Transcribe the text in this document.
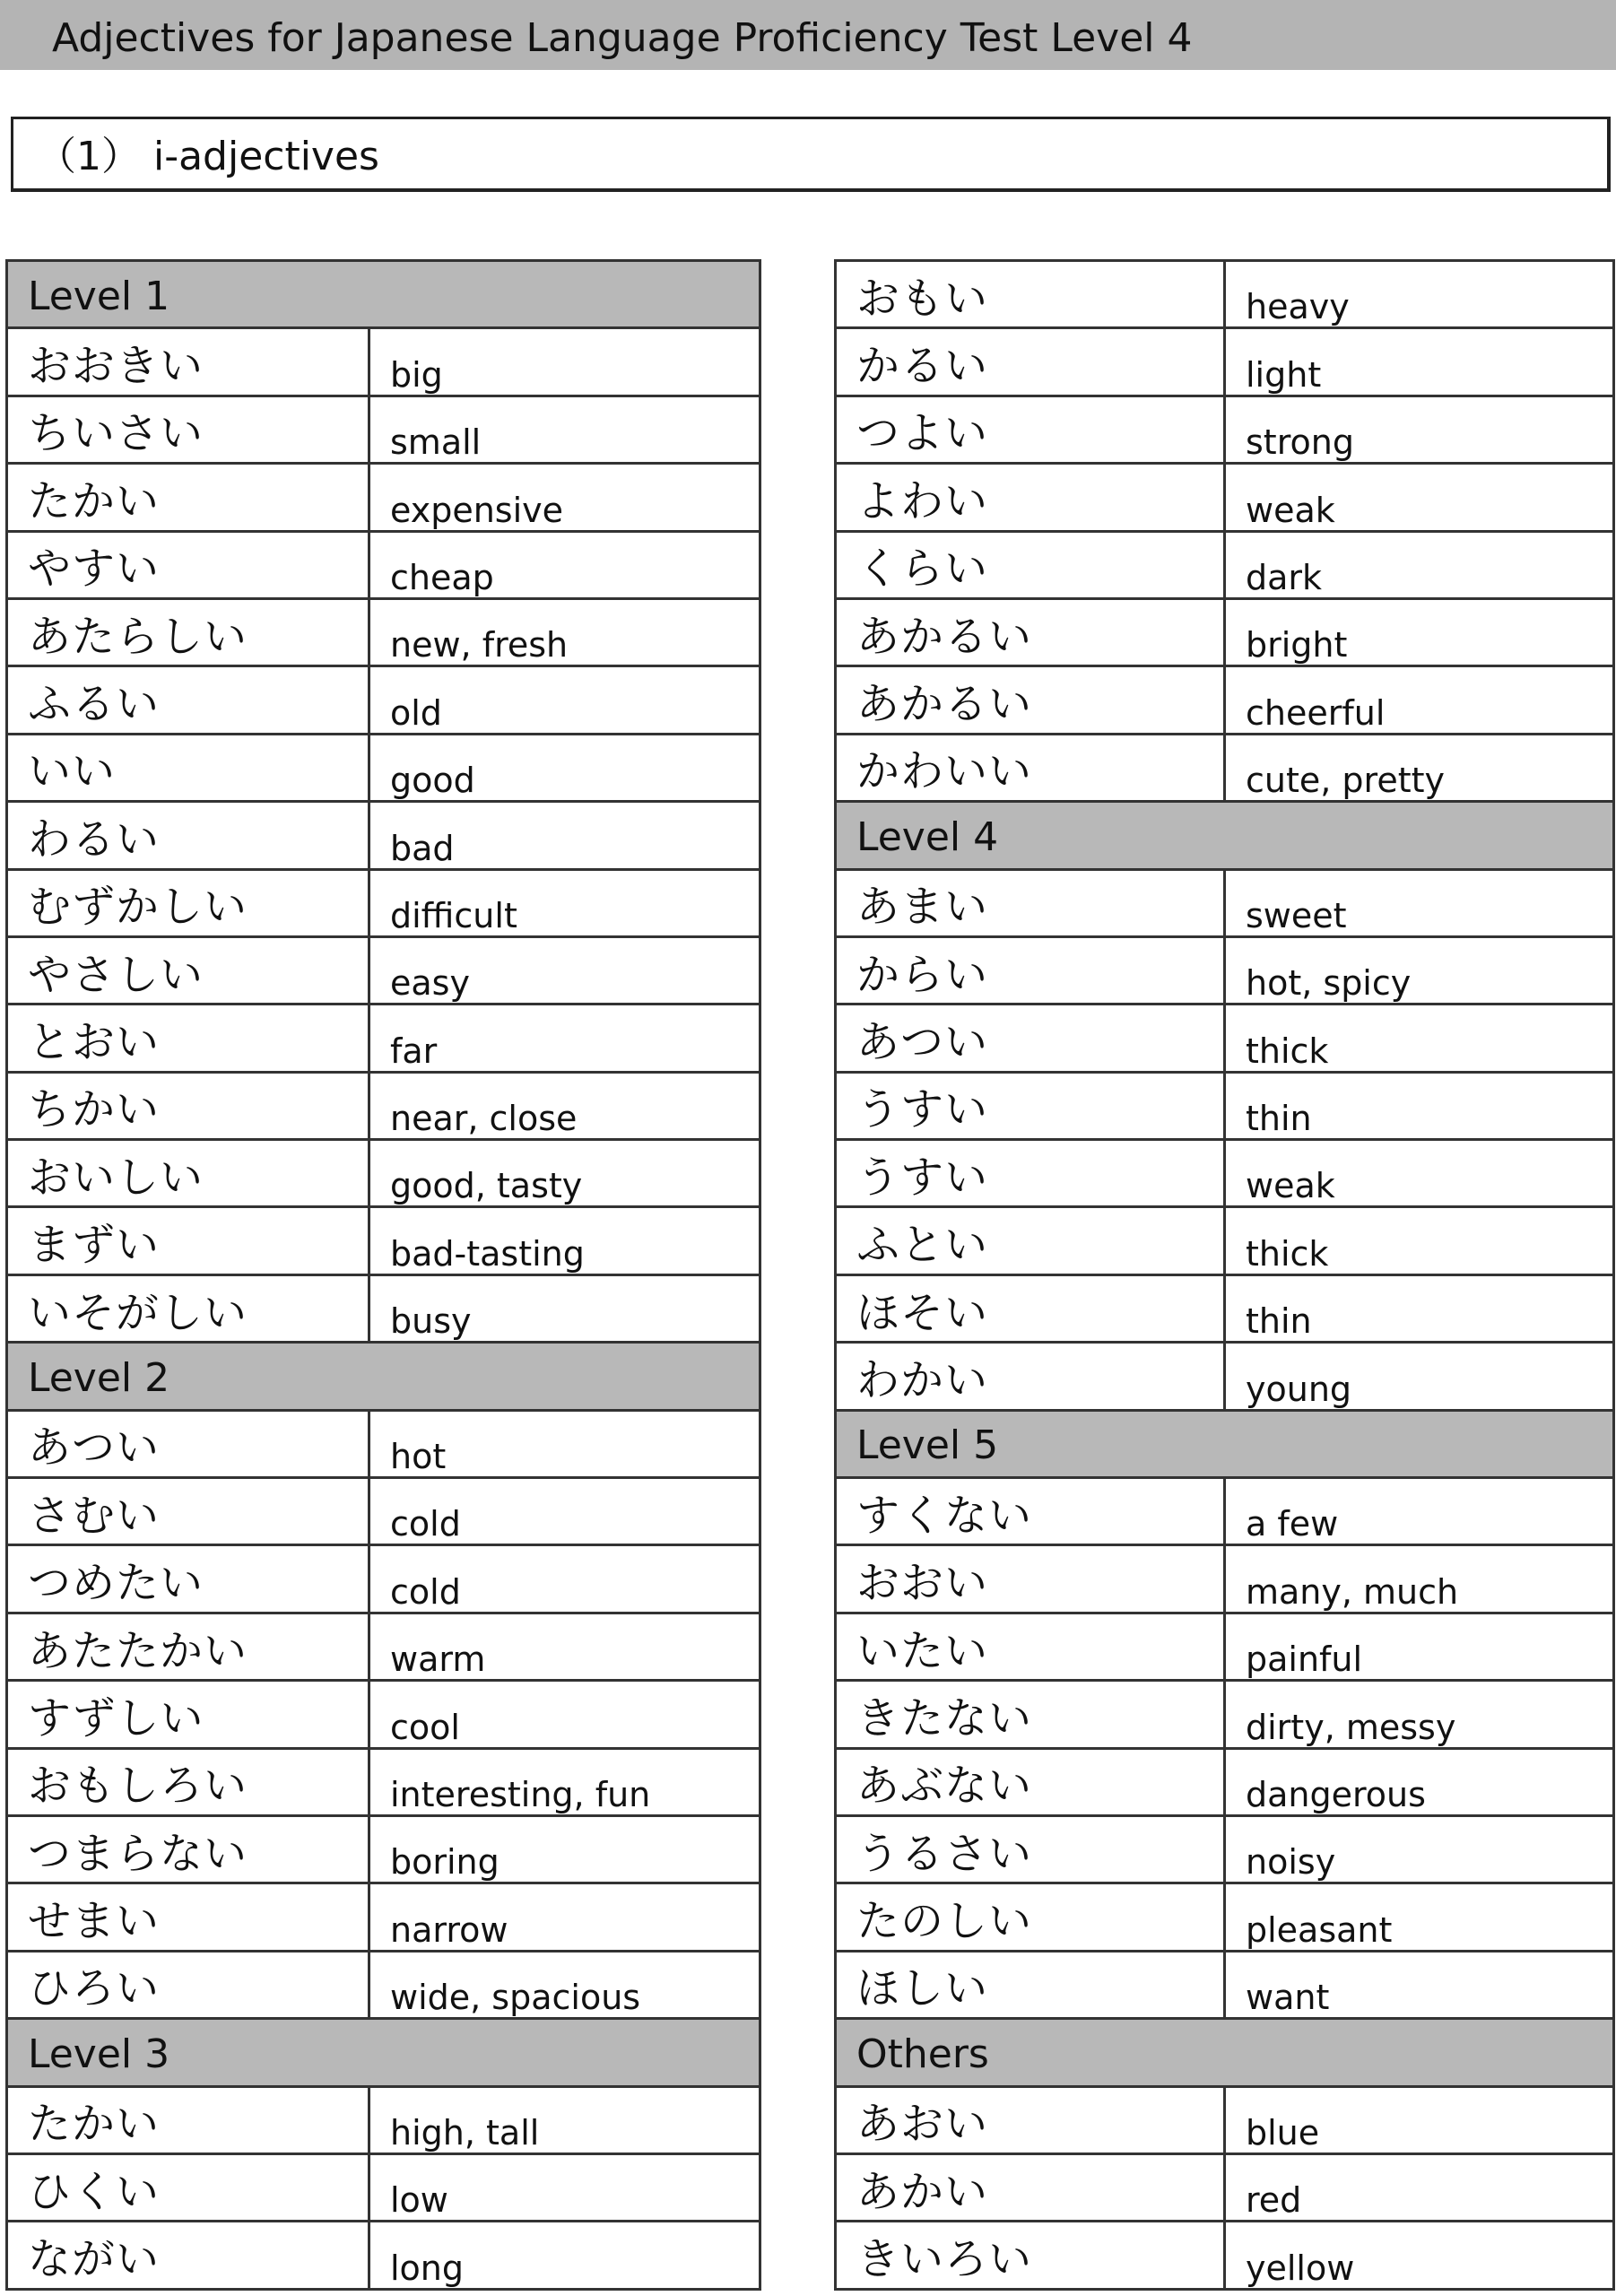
Adjectives for Japanese Language Proficiency Test Level 4
（1） i-adjectives
Level 1	
おおきい	big
ちいさい	small
たかい	expensive
やすい	cheap
あたらしい	new, fresh
ふるい	old
いい	good
わるい	bad
むずかしい	difficult
やさしい	easy
とおい	far
ちかい	near, close
おいしい	good, tasty
まずい	bad-tasting
いそがしい	busy
Level 2	
あつい	hot
さむい	cold
つめたい	cold
あたたかい	warm
すずしい	cool
おもしろい	interesting, fun
つまらない	boring
せまい	narrow
ひろい	wide, spacious
Level 3	
たかい	high, tall
ひくい	low
ながい	long
おもい	heavy
かるい	light
つよい	strong
よわい	weak
くらい	dark
あかるい	bright
あかるい	cheerful
かわいい	cute, pretty
Level 4	
あまい	sweet
からい	hot, spicy
あつい	thick
うすい	thin
うすい	weak
ふとい	thick
ほそい	thin
わかい	young
Level 5	
すくない	a few
おおい	many, much
いたい	painful
きたない	dirty, messy
あぶない	dangerous
うるさい	noisy
たのしい	pleasant
ほしい	want
Others	
あおい	blue
あかい	red
きいろい	yellow
